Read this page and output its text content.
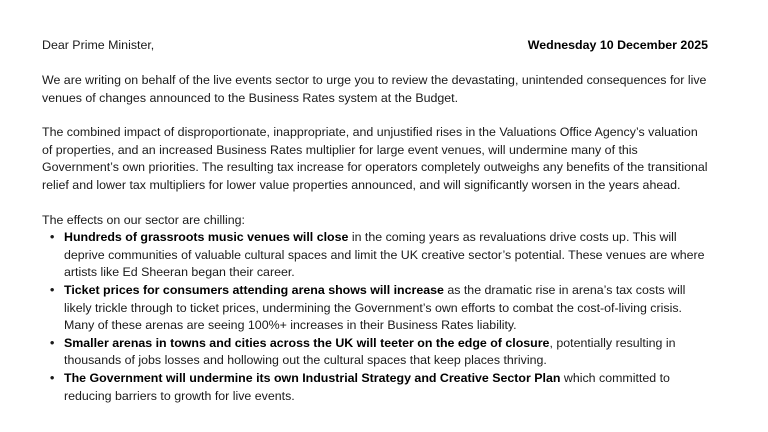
Dear Prime Minister,	Wednesday 10 December 2025

We are writing on behalf of the live events sector to urge you to review the devastating, unintended consequences for live venues of changes announced to the Business Rates system at the Budget.

The combined impact of disproportionate, inappropriate, and unjustified rises in the Valuations Office Agency’s valuation of properties, and an increased Business Rates multiplier for large event venues, will undermine many of this Government’s own priorities. The resulting tax increase for operators completely outweighs any benefits of the transitional relief and lower tax multipliers for lower value properties announced, and will significantly worsen in the years ahead.

The effects on our sector are chilling:

• Hundreds of grassroots music venues will close in the coming years as revaluations drive costs up. This will deprive communities of valuable cultural spaces and limit the UK creative sector’s potential. These venues are where artists like Ed Sheeran began their career.
• Ticket prices for consumers attending arena shows will increase as the dramatic rise in arena’s tax costs will likely trickle through to ticket prices, undermining the Government’s own efforts to combat the cost-of-living crisis. Many of these arenas are seeing 100%+ increases in their Business Rates liability.
• Smaller arenas in towns and cities across the UK will teeter on the edge of closure, potentially resulting in thousands of jobs losses and hollowing out the cultural spaces that keep places thriving.
• The Government will undermine its own Industrial Strategy and Creative Sector Plan which committed to reducing barriers to growth for live events.
